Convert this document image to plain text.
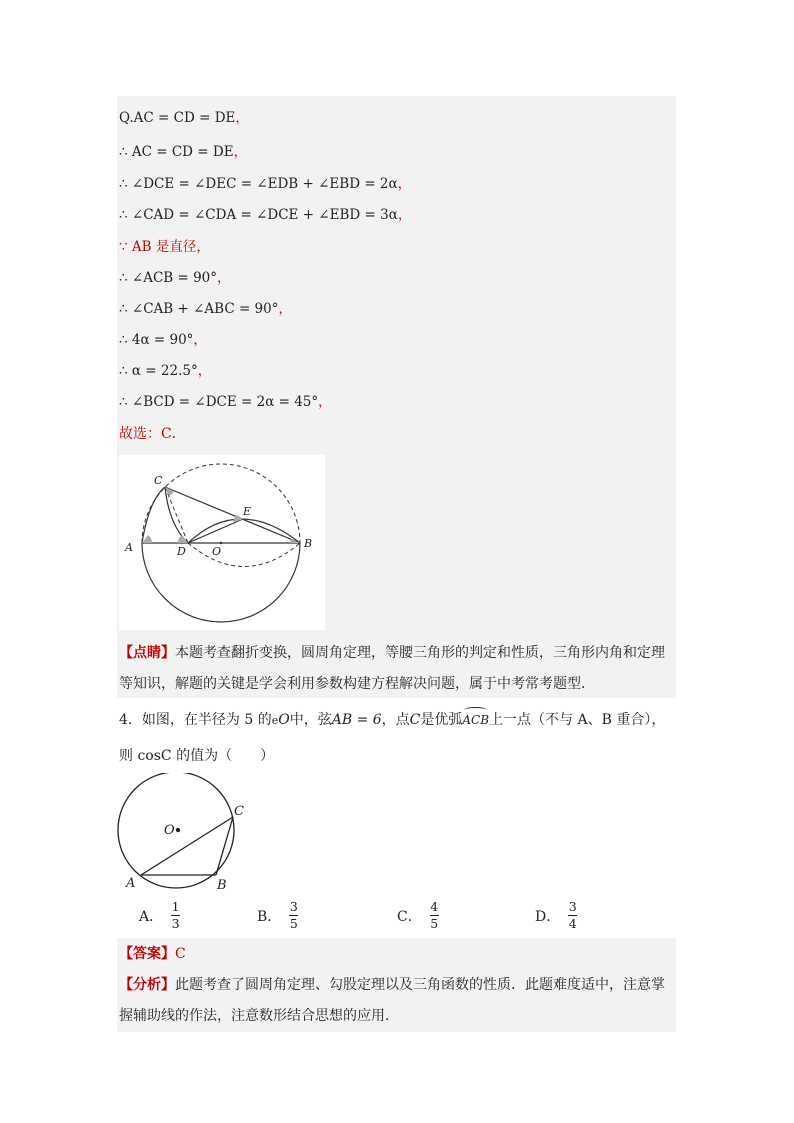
Q.AC = CD = DE，
∴ AC = CD = DE，
∴ ∠DCE = ∠DEC = ∠EDB + ∠EBD = 2α，
∴ ∠CAD = ∠CDA = ∠DCE + ∠EBD = 3α，
∵ AB 是直径，
∴ ∠ACB = 90°，
∴ ∠CAB + ∠ABC = 90°，
∴ 4α = 90°，
∴ α = 22.5°，
∴ ∠BCD = ∠DCE = 2α = 45°，
故选：C．
A	B
C
D
E
O
【点睛】本题考查翻折变换，圆周角定理，等腰三角形的判定和性质，三角形内角和定理等知识，解题的关键是学会利用参数构建方程解决问题，属于中考常考题型．
4．如图，在半径为 5 的eO中，弦AB = 6，点C是优弧ACB上一点（不与 A、B 重合），
则 cosC 的值为（　　）
O
A	B
C
A． $\frac{1}{3}$	B． $\frac{3}{5}$	C． $\frac{4}{5}$	D． $\frac{3}{4}$
【答案】C
【分析】此题考查了圆周角定理、勾股定理以及三角函数的性质．此题难度适中，注意掌握辅助线的作法，注意数形结合思想的应用．
